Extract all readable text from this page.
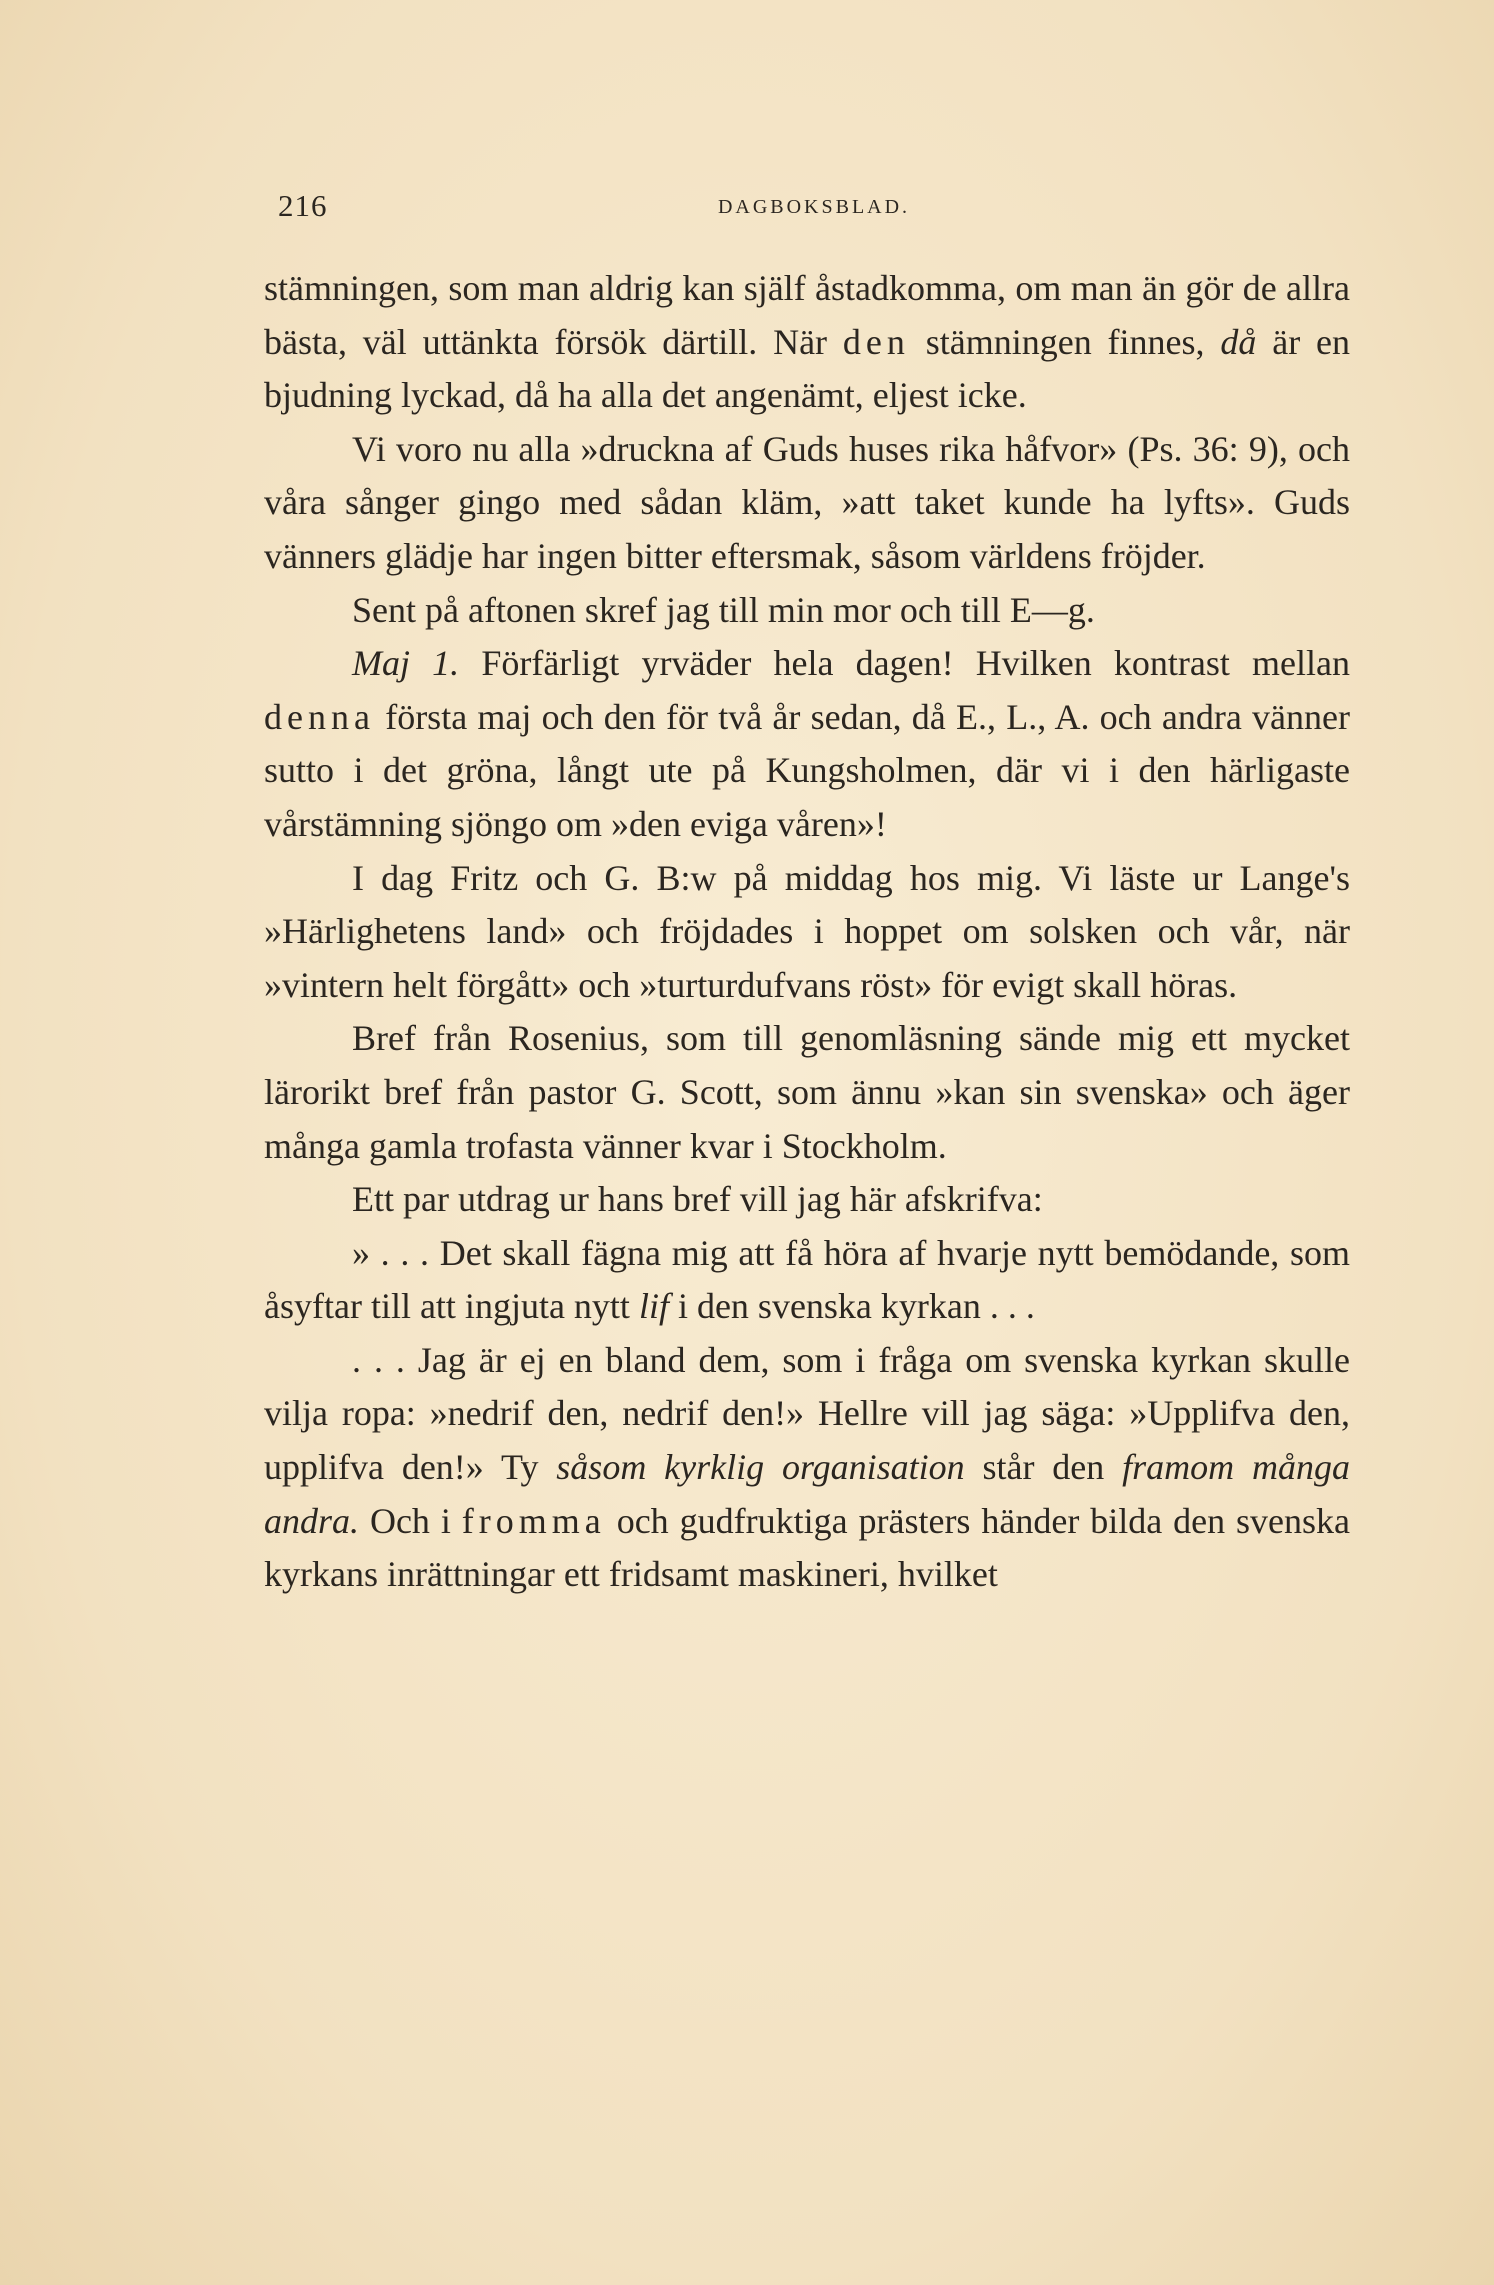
216	DAGBOKSBLAD.

stämningen, som man aldrig kan själf åstadkomma, om man än gör de allra bästa, väl uttänkta försök därtill. När den stämningen finnes, då är en bjudning lyckad, då ha alla det angenämt, eljest icke.

Vi voro nu alla »druckna af Guds huses rika håfvor» (Ps. 36: 9), och våra sånger gingo med sådan kläm, »att taket kunde ha lyfts». Guds vänners glädje har ingen bitter eftersmak, såsom världens fröjder.

Sent på aftonen skref jag till min mor och till E—g.

Maj 1. Förfärligt yrväder hela dagen! Hvilken kontrast mellan denna första maj och den för två år sedan, då E., L., A. och andra vänner sutto i det gröna, långt ute på Kungsholmen, där vi i den härligaste vårstämning sjöngo om »den eviga våren»!

I dag Fritz och G. B:w på middag hos mig. Vi läste ur Lange's »Härlighetens land» och fröjdades i hoppet om solsken och vår, när »vintern helt förgått» och »turturdufvans röst» för evigt skall höras.

Bref från Rosenius, som till genomläsning sände mig ett mycket lärorikt bref från pastor G. Scott, som ännu »kan sin svenska» och äger många gamla trofasta vänner kvar i Stockholm.

Ett par utdrag ur hans bref vill jag här afskrifva:

» . . . Det skall fägna mig att få höra af hvarje nytt bemödande, som åsyftar till att ingjuta nytt lif i den svenska kyrkan . . .

. . . Jag är ej en bland dem, som i fråga om svenska kyrkan skulle vilja ropa: »nedrif den, nedrif den!» Hellre vill jag säga: »Upplifva den, upplifva den!» Ty såsom kyrklig organisation står den framom många andra. Och i fromma och gudfruktiga prästers händer bilda den svenska kyrkans inrättningar ett fridsamt maskineri, hvilket
